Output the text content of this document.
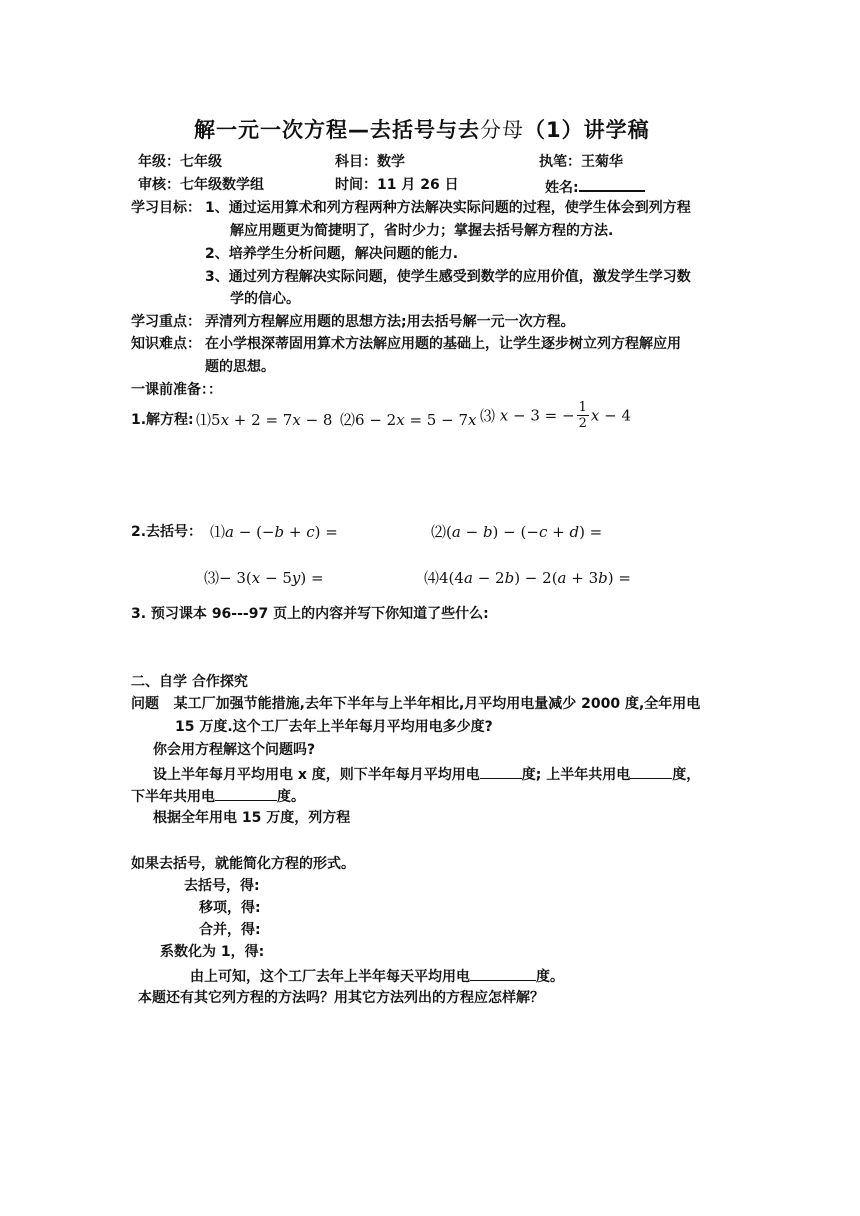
解一元一次方程—去括号与去分母（1）讲学稿
年级：七年级	科目：数学	执笔：王菊华
审核：七年级数学组	时间：11 月 26 日	姓名:
学习目标： 1、通过运用算术和列方程两种方法解决实际问题的过程，使学生体会到列方程
解应用题更为简捷明了，省时少力；掌握去括号解方程的方法.
2、培养学生分析问题，解决问题的能力.
3、通过列方程解决实际问题，使学生感受到数学的应用价值，激发学生学习数
学的信心。
学习重点： 弄清列方程解应用题的思想方法;用去括号解一元一次方程。
知识难点： 在小学根深蒂固用算术方法解应用题的基础上，让学生逐步树立列方程解应用
题的思想。
一课前准备：：
1.解方程: ⑴5x + 2 = 7x − 8 ⑵6 − 2x = 5 − 7x ⑶ x − 3 = − $\frac{1}{2}$ x − 4
2.去括号： ⑴a − (−b + c) =	⑵(a − b) − (−c + d) =
⑶− 3(x − 5y) =	⑷4(4a − 2b) − 2(a + 3b) =
3. 预习课本 96---97 页上的内容并写下你知道了些什么:
二、自学 合作探究
问题 某工厂加强节能措施,去年下半年与上半年相比,月平均用电量减少 2000 度,全年用电
15 万度.这个工厂去年上半年每月平均用电多少度?
你会用方程解这个问题吗?
设上半年每月平均用电 x 度，则下半年每月平均用电	度; 上半年共用电	度，
下半年共用电	度。
根据全年用电 15 万度，列方程
如果去括号，就能简化方程的形式。
去括号，得:
移项，得:
合并，得:
系数化为 1，得:
由上可知，这个工厂去年上半年每天平均用电	度。
本题还有其它列方程的方法吗？用其它方法列出的方程应怎样解？
